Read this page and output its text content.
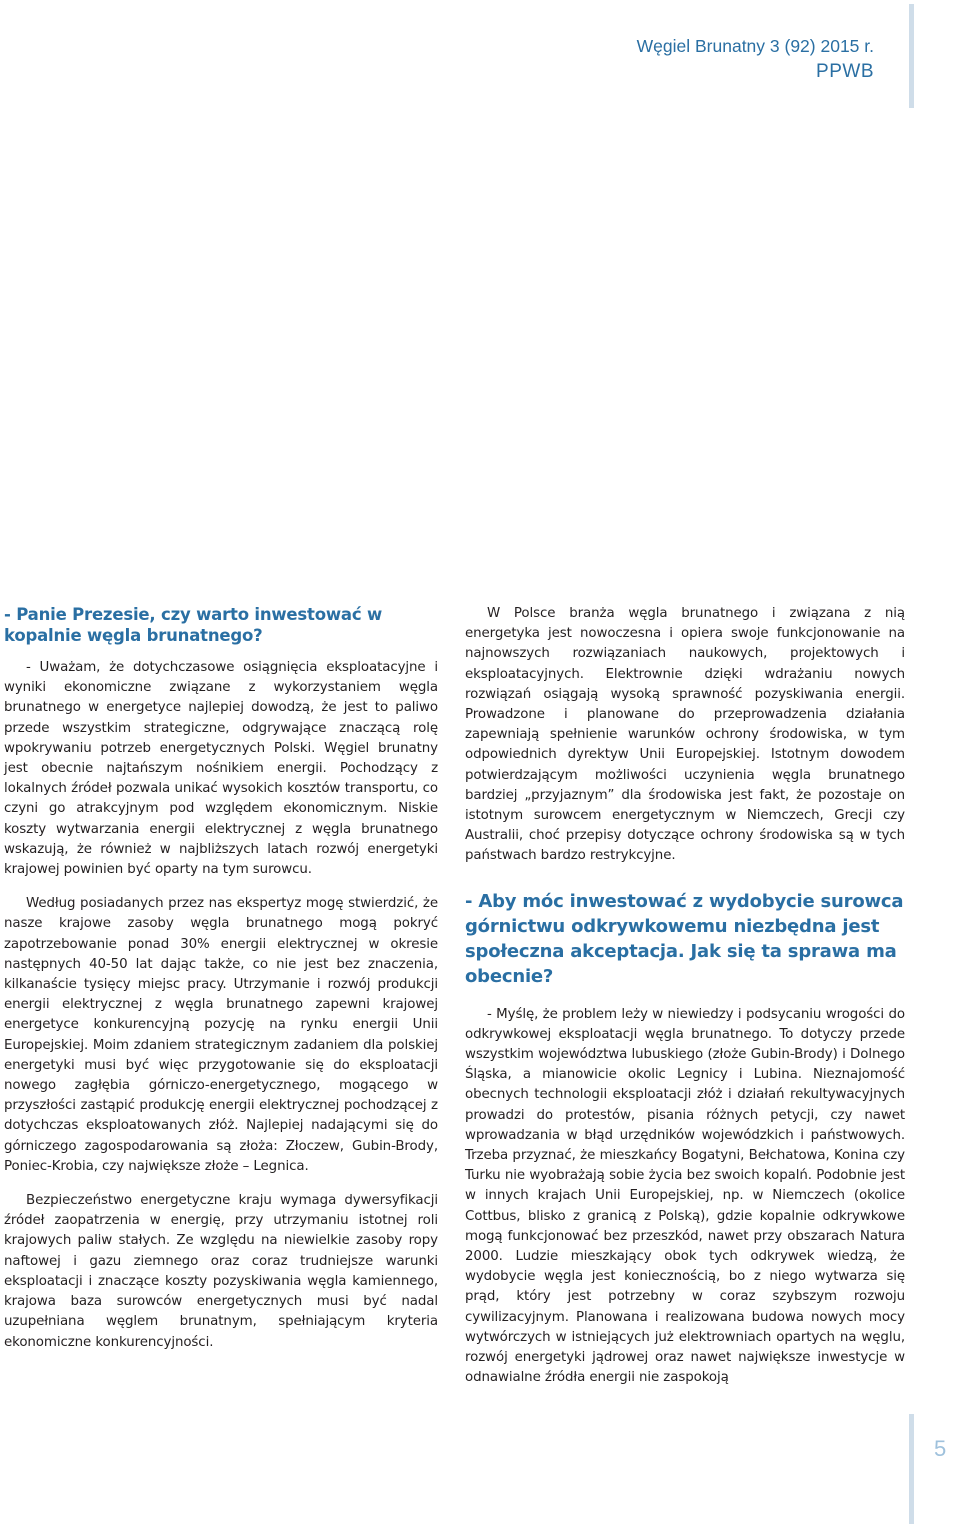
Węgiel Brunatny 3 (92) 2015 r.
PPWB
- Panie Prezesie, czy warto inwestować w kopalnie węgla brunatnego?

- Uważam, że dotychczasowe osiągnięcia eksploatacyjne i wyniki ekonomiczne związane z wykorzystaniem węgla brunatnego w energetyce najlepiej dowodzą, że jest to paliwo przede wszystkim strategiczne, odgrywające znaczącą rolę wpokrywaniu potrzeb energetycznych Polski. Węgiel brunatny jest obecnie najtańszym nośnikiem energii. Pochodzący z lokalnych źródeł pozwala unikać wysokich kosztów transportu, co czyni go atrakcyjnym pod względem ekonomicznym. Niskie koszty wytwarzania energii elektrycznej z węgla brunatnego wskazują, że również w najbliższych latach rozwój energetyki krajowej powinien być oparty na tym surowcu.

Według posiadanych przez nas ekspertyz mogę stwierdzić, że nasze krajowe zasoby węgla brunatnego mogą pokryć zapotrzebowanie ponad 30% energii elektrycznej w okresie następnych 40-50 lat dając także, co nie jest bez znaczenia, kilkanaście tysięcy miejsc pracy. Utrzymanie i rozwój produkcji energii elektrycznej z węgla brunatnego zapewni krajowej energetyce konkurencyjną pozycję na rynku energii Unii Europejskiej. Moim zdaniem strategicznym zadaniem dla polskiej energetyki musi być więc przygotowanie się do eksploatacji nowego zagłębia górniczo-energetycznego, mogącego w przyszłości zastąpić produkcję energii elektrycznej pochodzącej z dotychczas eksploatowanych złóż. Najlepiej nadającymi się do górniczego zagospodarowania są złoża: Złoczew, Gubin-Brody, Poniec-Krobia, czy największe złoże – Legnica.

Bezpieczeństwo energetyczne kraju wymaga dywersyfikacji źródeł zaopatrzenia w energię, przy utrzymaniu istotnej roli krajowych paliw stałych. Ze względu na niewielkie zasoby ropy naftowej i gazu ziemnego oraz coraz trudniejsze warunki eksploatacji i znaczące koszty pozyskiwania węgla kamiennego, krajowa baza surowców energetycznych musi być nadal uzupełniana węglem brunatnym, spełniającym kryteria ekonomiczne konkurencyjności.

W Polsce branża węgla brunatnego i związana z nią energetyka jest nowoczesna i opiera swoje funkcjonowanie na najnowszych rozwiązaniach naukowych, projektowych i eksploatacyjnych. Elektrownie dzięki wdrażaniu nowych rozwiązań osiągają wysoką sprawność pozyskiwania energii. Prowadzone i planowane do przeprowadzenia działania zapewniają spełnienie warunków ochrony środowiska, w tym odpowiednich dyrektyw Unii Europejskiej. Istotnym dowodem potwierdzającym możliwości uczynienia węgla brunatnego bardziej „przyjaznym” dla środowiska jest fakt, że pozostaje on istotnym surowcem energetycznym w Niemczech, Grecji czy Australii, choć przepisy dotyczące ochrony środowiska są w tych państwach bardzo restrykcyjne.

- Aby móc inwestować z wydobycie surowca górnictwu odkrywkowemu niezbędna jest społeczna akceptacja. Jak się ta sprawa ma obecnie?

- Myślę, że problem leży w niewiedzy i podsycaniu wrogości do odkrywkowej eksploatacji węgla brunatnego. To dotyczy przede wszystkim województwa lubuskiego (złoże Gubin-Brody) i Dolnego Śląska, a mianowicie okolic Legnicy i Lubina. Nieznajomość obecnych technologii eksploatacji złóż i działań rekultywacyjnych prowadzi do protestów, pisania różnych petycji, czy nawet wprowadzania w błąd urzędników wojewódzkich i państwowych. Trzeba przyznać, że mieszkańcy Bogatyni, Bełchatowa, Konina czy Turku nie wyobrażają sobie życia bez swoich kopalń. Podobnie jest w innych krajach Unii Europejskiej, np. w Niemczech (okolice Cottbus, blisko z granicą z Polską), gdzie kopalnie odkrywkowe mogą funkcjonować bez przeszkód, nawet przy obszarach Natura 2000. Ludzie mieszkający obok tych odkrywek wiedzą, że wydobycie węgla jest koniecznością, bo z niego wytwarza się prąd, który jest potrzebny w coraz szybszym rozwoju cywilizacyjnym. Planowana i realizowana budowa nowych mocy wytwórczych w istniejących już elektrowniach opartych na węglu, rozwój energetyki jądrowej oraz nawet największe inwestycje w odnawialne źródła energii nie zaspokoją

5
